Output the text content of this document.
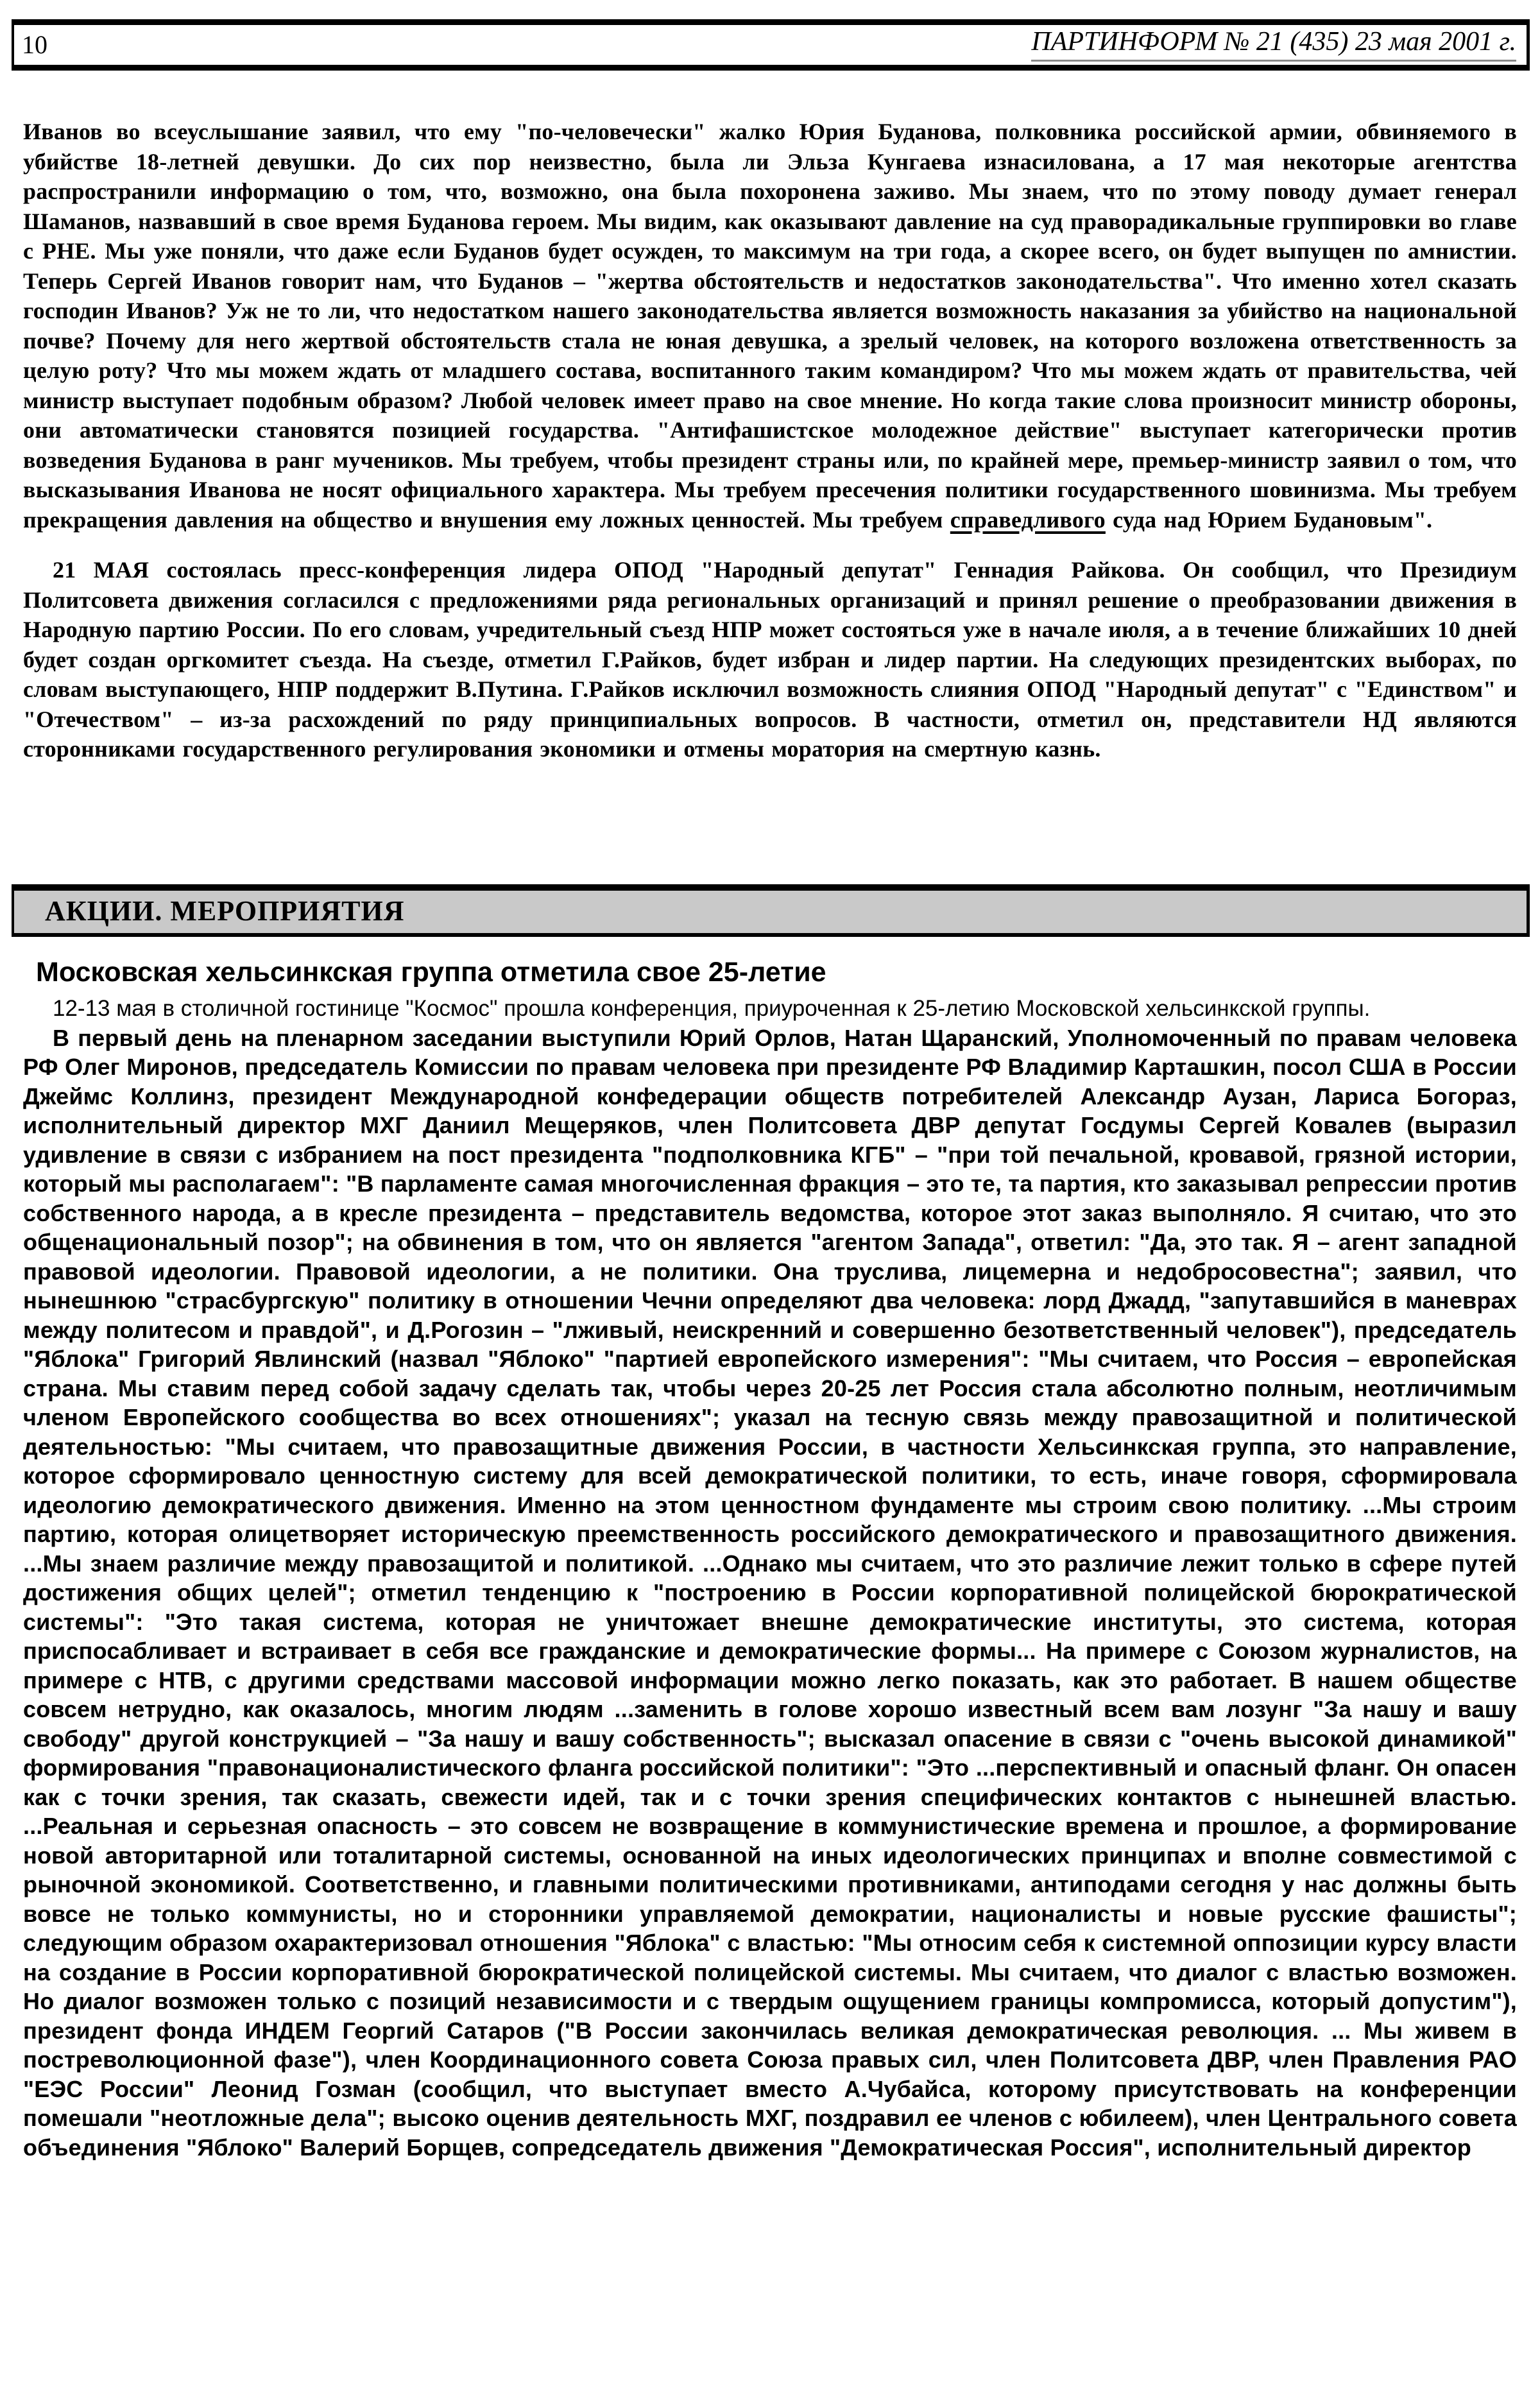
10	ПАРТИНФОРМ № 21 (435) 23 мая 2001 г.

Иванов во всеуслышание заявил, что ему "по-человечески" жалко Юрия Буданова, полковника российской армии, обвиняемого в убийстве 18-летней девушки. До сих пор неизвестно, была ли Эльза Кунгаева изнасилована, а 17 мая некоторые агентства распространили информацию о том, что, возможно, она была похоронена заживо. Мы знаем, что по этому поводу думает генерал Шаманов, назвавший в свое время Буданова героем. Мы видим, как оказывают давление на суд праворадикальные группировки во главе с РНЕ. Мы уже поняли, что даже если Буданов будет осужден, то максимум на три года, а скорее всего, он будет выпущен по амнистии. Теперь Сергей Иванов говорит нам, что Буданов – "жертва обстоятельств и недостатков законодательства". Что именно хотел сказать господин Иванов? Уж не то ли, что недостатком нашего законодательства является возможность наказания за убийство на национальной почве? Почему для него жертвой обстоятельств стала не юная девушка, а зрелый человек, на которого возложена ответственность за целую роту? Что мы можем ждать от младшего состава, воспитанного таким командиром? Что мы можем ждать от правительства, чей министр выступает подобным образом? Любой человек имеет право на свое мнение. Но когда такие слова произносит министр обороны, они автоматически становятся позицией государства. "Антифашистское молодежное действие" выступает категорически против возведения Буданова в ранг мучеников. Мы требуем, чтобы президент страны или, по крайней мере, премьер-министр заявил о том, что высказывания Иванова не носят официального характера. Мы требуем пресечения политики государственного шовинизма. Мы требуем прекращения давления на общество и внушения ему ложных ценностей. Мы требуем справедливого суда над Юрием Будановым".

21 МАЯ состоялась пресс-конференция лидера ОПОД "Народный депутат" Геннадия Райкова. Он сообщил, что Президиум Политсовета движения согласился с предложениями ряда региональных организаций и принял решение о преобразовании движения в Народную партию России. По его словам, учредительный съезд НПР может состояться уже в начале июля, а в течение ближайших 10 дней будет создан оргкомитет съезда. На съезде, отметил Г.Райков, будет избран и лидер партии. На следующих президентских выборах, по словам выступающего, НПР поддержит В.Путина. Г.Райков исключил возможность слияния ОПОД "Народный депутат" с "Единством" и "Отечеством" – из-за расхождений по ряду принципиальных вопросов. В частности, отметил он, представители НД являются сторонниками государственного регулирования экономики и отмены моратория на смертную казнь.

АКЦИИ. МЕРОПРИЯТИЯ
Московская хельсинкская группа отметила свое 25-летие

12-13 мая в столичной гостинице "Космос" прошла конференция, приуроченная к 25-летию Московской хельсинкской группы.

В первый день на пленарном заседании выступили Юрий Орлов, Натан Щаранский, Уполномоченный по правам человека РФ Олег Миронов, председатель Комиссии по правам человека при президенте РФ Владимир Карташкин, посол США в России Джеймс Коллинз, президент Международной конфедерации обществ потребителей Александр Аузан, Лариса Богораз, исполнительный директор МХГ Даниил Мещеряков, член Политсовета ДВР депутат Госдумы Сергей Ковалев (выразил удивление в связи с избранием на пост президента "подполковника КГБ" – "при той печальной, кровавой, грязной истории, который мы располагаем": "В парламенте самая многочисленная фракция – это те, та партия, кто заказывал репрессии против собственного народа, а в кресле президента – представитель ведомства, которое этот заказ выполняло. Я считаю, что это общенациональный позор"; на обвинения в том, что он является "агентом Запада", ответил: "Да, это так. Я – агент западной правовой идеологии. Правовой идеологии, а не политики. Она труслива, лицемерна и недобросовестна"; заявил, что нынешнюю "страсбургскую" политику в отношении Чечни определяют два человека: лорд Джадд, "запутавшийся в маневрах между политесом и правдой", и Д.Рогозин – "лживый, неискренний и совершенно безответственный человек"), председатель "Яблока" Григорий Явлинский (назвал "Яблоко" "партией европейского измерения": "Мы считаем, что Россия – европейская страна. Мы ставим перед собой задачу сделать так, чтобы через 20-25 лет Россия стала абсолютно полным, неотличимым членом Европейского сообщества во всех отношениях"; указал на тесную связь между правозащитной и политической деятельностью: "Мы считаем, что правозащитные движения России, в частности Хельсинкская группа, это направление, которое сформировало ценностную систему для всей демократической политики, то есть, иначе говоря, сформировала идеологию демократического движения. Именно на этом ценностном фундаменте мы строим свою политику. ...Мы строим партию, которая олицетворяет историческую преемственность российского демократического и правозащитного движения. ...Мы знаем различие между правозащитой и политикой. ...Однако мы считаем, что это различие лежит только в сфере путей достижения общих целей"; отметил тенденцию к "построению в России корпоративной полицейской бюрократической системы": "Это такая система, которая не уничтожает внешне демократические институты, это система, которая приспосабливает и встраивает в себя все гражданские и демократические формы... На примере с Союзом журналистов, на примере с НТВ, с другими средствами массовой информации можно легко показать, как это работает. В нашем обществе совсем нетрудно, как оказалось, многим людям ...заменить в голове хорошо известный всем вам лозунг "За нашу и вашу свободу" другой конструкцией – "За нашу и вашу собственность"; высказал опасение в связи с "очень высокой динамикой" формирования "правонационалистического фланга российской политики": "Это ...перспективный и опасный фланг. Он опасен как с точки зрения, так сказать, свежести идей, так и с точки зрения специфических контактов с нынешней властью. ...Реальная и серьезная опасность – это совсем не возвращение в коммунистические времена и прошлое, а формирование новой авторитарной или тоталитарной системы, основанной на иных идеологических принципах и вполне совместимой с рыночной экономикой. Соответственно, и главными политическими противниками, антиподами сегодня у нас должны быть вовсе не только коммунисты, но и сторонники управляемой демократии, националисты и новые русские фашисты"; следующим образом охарактеризовал отношения "Яблока" с властью: "Мы относим себя к системной оппозиции курсу власти на создание в России корпоративной бюрократической полицейской системы. Мы считаем, что диалог с властью возможен. Но диалог возможен только с позиций независимости и с твердым ощущением границы компромисса, который допустим"), президент фонда ИНДЕМ Георгий Сатаров ("В России закончилась великая демократическая революция. ... Мы живем в постреволюционной фазе"), член Координационного совета Союза правых сил, член Политсовета ДВР, член Правления РАО "ЕЭС России" Леонид Гозман (сообщил, что выступает вместо А.Чубайса, которому присутствовать на конференции помешали "неотложные дела"; высоко оценив деятельность МХГ, поздравил ее членов с юбилеем), член Центрального совета объединения "Яблоко" Валерий Борщев, сопредседатель движения "Демократическая Россия", исполнительный директор
